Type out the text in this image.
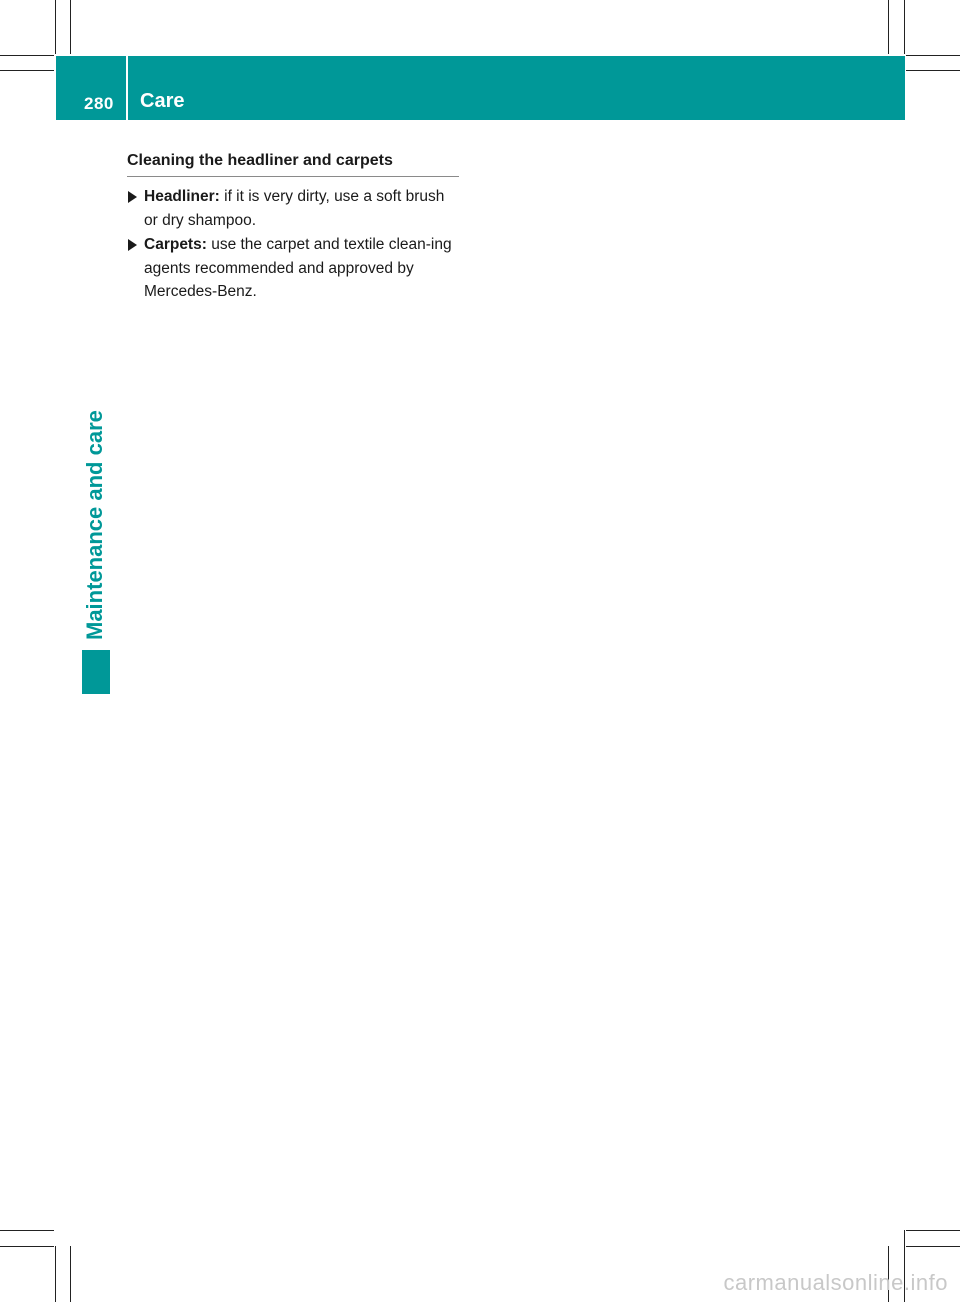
280 Care
Maintenance and care
Cleaning the headliner and carpets
Headliner: if it is very dirty, use a soft brush or dry shampoo.
Carpets: use the carpet and textile clean-ing agents recommended and approved by Mercedes-Benz.
carmanualsonline.info
